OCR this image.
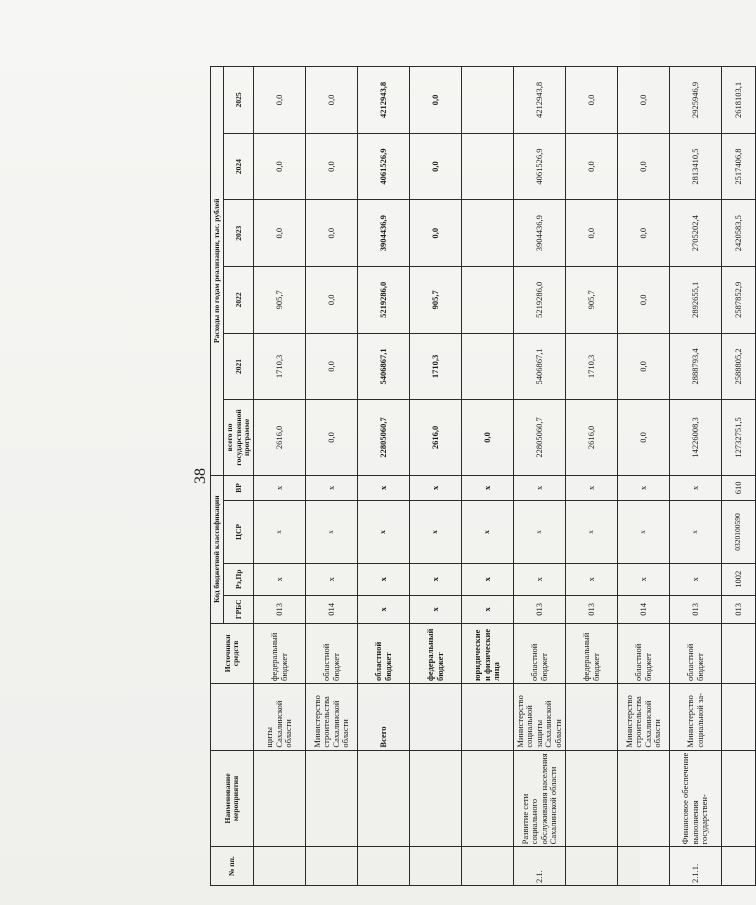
38
№ пп.	Наименование мероприятия		Источники средств	Код бюджетной классификации				Расходы по годам реализации, тыс. рублей					
				ГРБС	Рз,Пр	ЦСР	ВР	всего по государственной программе	2021	2022	2023	2024	2025
		щиты Сахалинской области	федеральный бюджет	013	х	х	х	2616,0	1710,3	905,7	0,0	0,0	0,0
		Министерство строительства Сахалинской области	областной бюджет	014	х	х	х	0,0	0,0	0,0	0,0	0,0	0,0
		Всего	областной бюджет	х	х	х	х	22805060,7	5406867,1	5219286,0	3904436,9	4061526,9	4212943,8
			федеральный бюджет	х	х	х	х	2616,0	1710,3	905,7	0,0	0,0	0,0
			юридические и физические лица	х	х	х	х	0,0					
2.1.	Развитие сети социального обслуживания населения Сахалинской области	Министерство социальной защиты Сахалинской области	областной бюджет	013	х	х	х	22805060,7	5406867,1	5219286,0	3904436,9	4061526,9	4212943,8
			федеральный бюджет	013	х	х	х	2616,0	1710,3	905,7	0,0	0,0	0,0
		Министерство строительства Сахалинской области	областной бюджет	014	х	х	х	0,0	0,0	0,0	0,0	0,0	0,0
2.1.1.	Финансовое обеспечение выполнения государствен-	Министерство социальной за-	областной бюджет	013	х	х	х	14226008,3	2888793,4	2892655,1	2705202,4	2813410,5	2925946,9
				013	1002	0320100590	610	12732751,5	2588805,2	2587852,9	2420583,5	2517406,8	2618103,1
